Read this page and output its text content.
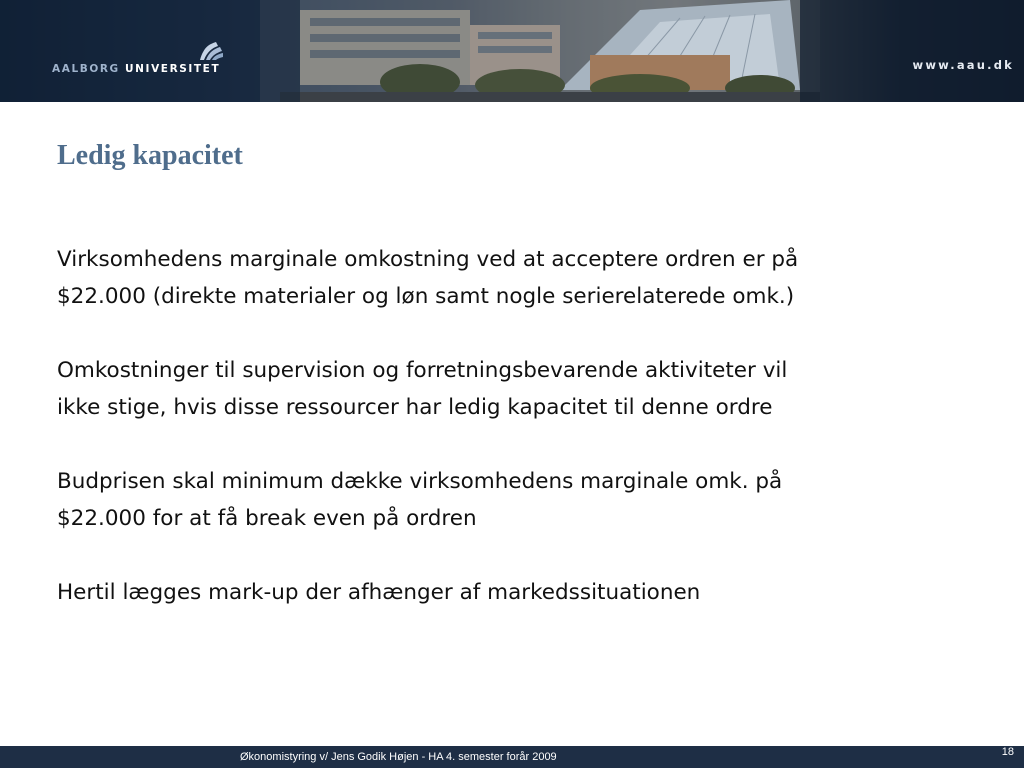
AALBORG UNIVERSITET	www.aau.dk
Ledig kapacitet

Virksomhedens marginale omkostning ved at acceptere ordren er på
$22.000 (direkte materialer og løn samt nogle serierelaterede omk.)

Omkostninger til supervision og forretningsbevarende aktiviteter vil
ikke stige, hvis disse ressourcer har ledig kapacitet til denne ordre

Budprisen skal minimum dække virksomhedens marginale omk. på
$22.000 for at få break even på ordren

Hertil lægges mark-up der afhænger af markedssituationen

Økonomistyring v/ Jens Godik Højen - HA 4. semester forår 2009	18
